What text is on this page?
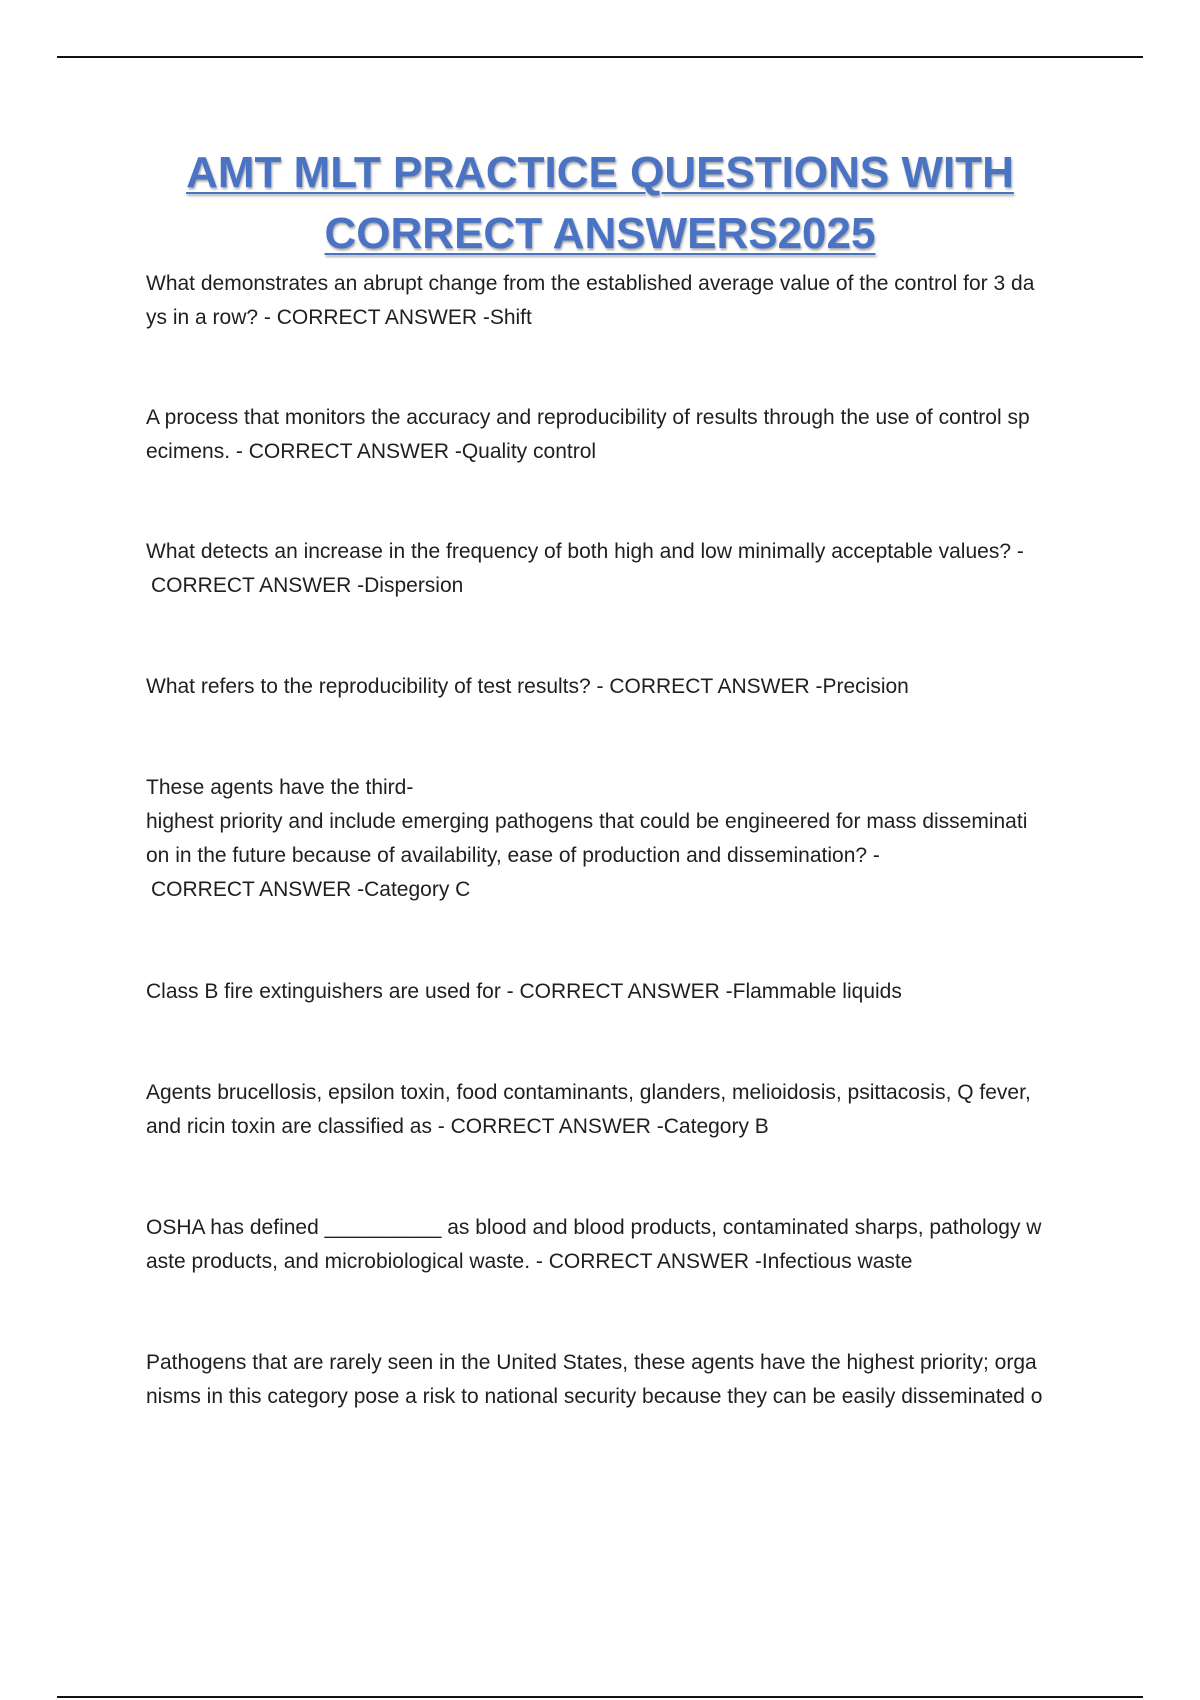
AMT MLT PRACTICE QUESTIONS WITH
CORRECT ANSWERS2025
What demonstrates an abrupt change from the established average value of the control for 3 da
ys in a row? - CORRECT ANSWER -Shift
A process that monitors the accuracy and reproducibility of results through the use of control sp
ecimens. - CORRECT ANSWER -Quality control
What detects an increase in the frequency of both high and low minimally acceptable values? -
CORRECT ANSWER -Dispersion
What refers to the reproducibility of test results? - CORRECT ANSWER -Precision
These agents have the third-
highest priority and include emerging pathogens that could be engineered for mass disseminati
on in the future because of availability, ease of production and dissemination? -
CORRECT ANSWER -Category C
Class B fire extinguishers are used for - CORRECT ANSWER -Flammable liquids
Agents brucellosis, epsilon toxin, food contaminants, glanders, melioidosis, psittacosis, Q fever,
and ricin toxin are classified as - CORRECT ANSWER -Category B
OSHA has defined __________ as blood and blood products, contaminated sharps, pathology w
aste products, and microbiological waste. - CORRECT ANSWER -Infectious waste
Pathogens that are rarely seen in the United States, these agents have the highest priority; orga
nisms in this category pose a risk to national security because they can be easily disseminated o
